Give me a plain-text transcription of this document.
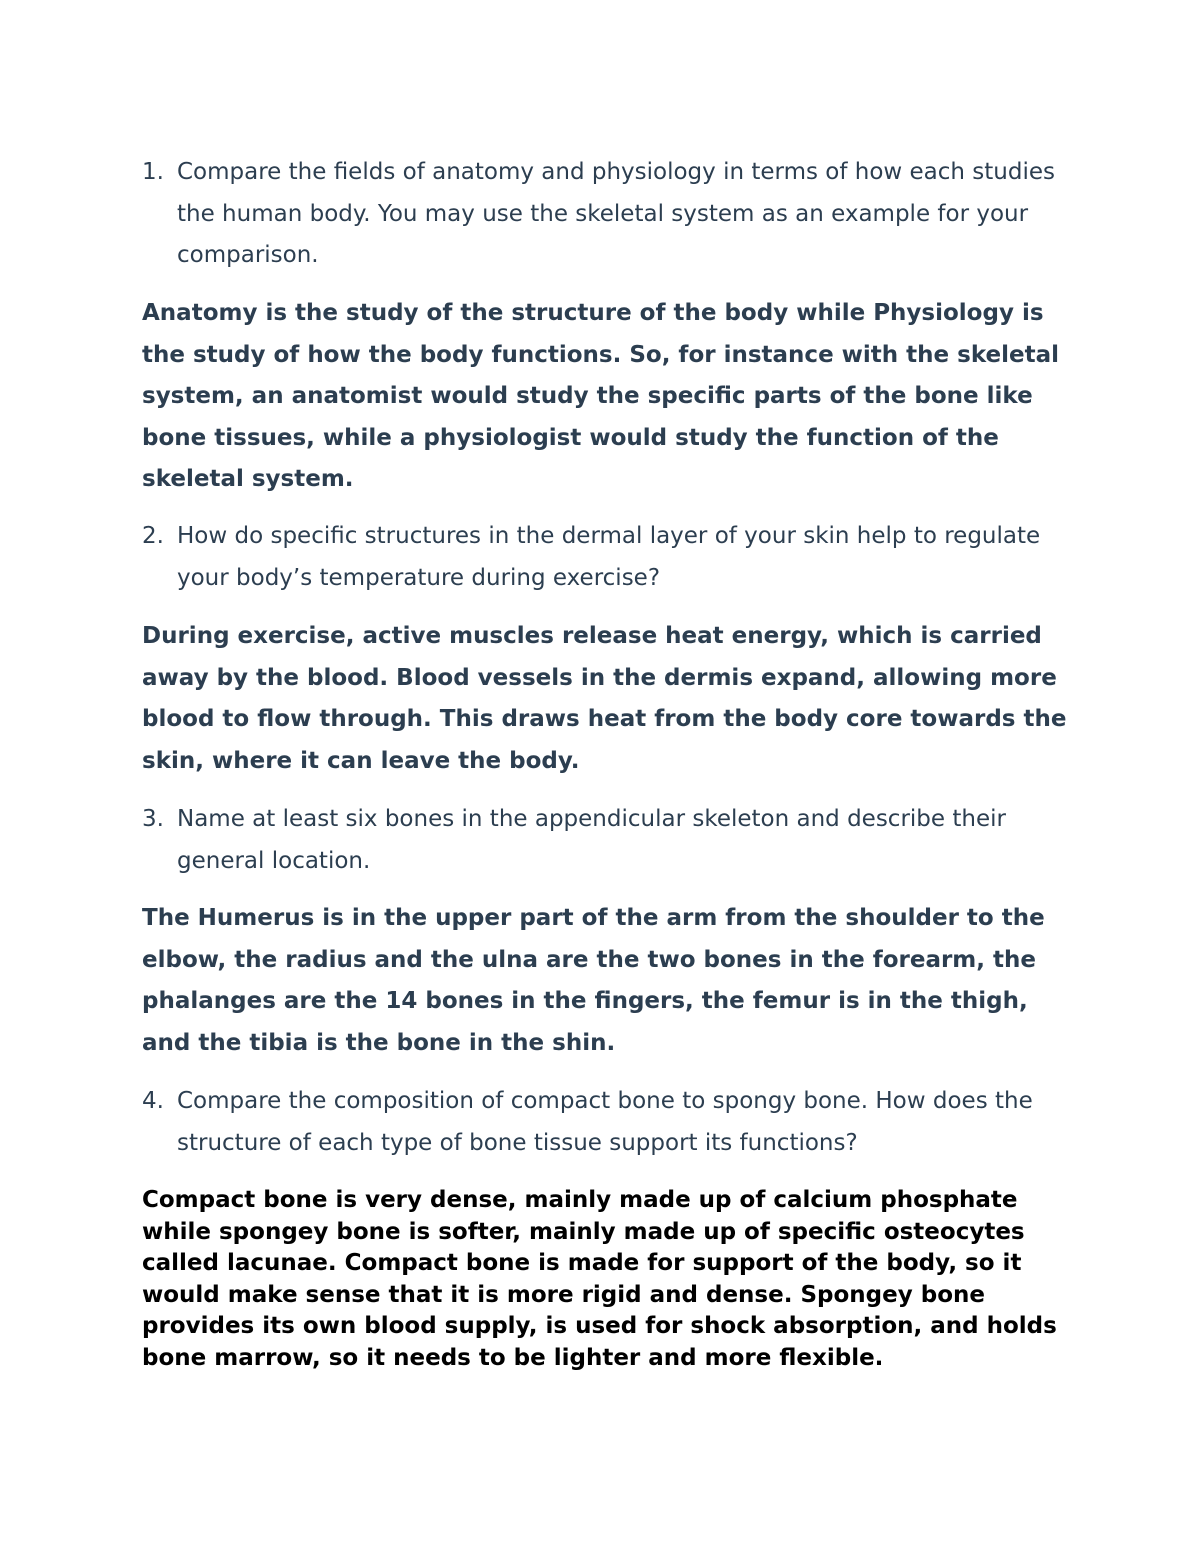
1. Compare the fields of anatomy and physiology in terms of how each studies the human body. You may use the skeletal system as an example for your comparison.

Anatomy is the study of the structure of the body while Physiology is the study of how the body functions. So, for instance with the skeletal system, an anatomist would study the specific parts of the bone like bone tissues, while a physiologist would study the function of the skeletal system.

2. How do specific structures in the dermal layer of your skin help to regulate your body’s temperature during exercise?

During exercise, active muscles release heat energy, which is carried away by the blood. Blood vessels in the dermis expand, allowing more blood to flow through. This draws heat from the body core towards the skin, where it can leave the body.

3. Name at least six bones in the appendicular skeleton and describe their general location.

The Humerus is in the upper part of the arm from the shoulder to the elbow, the radius and the ulna are the two bones in the forearm, the phalanges are the 14 bones in the fingers, the femur is in the thigh, and the tibia is the bone in the shin.

4. Compare the composition of compact bone to spongy bone. How does the structure of each type of bone tissue support its functions?

Compact bone is very dense, mainly made up of calcium phosphate while spongey bone is softer, mainly made up of specific osteocytes called lacunae. Compact bone is made for support of the body, so it would make sense that it is more rigid and dense. Spongey bone provides its own blood supply, is used for shock absorption, and holds bone marrow, so it needs to be lighter and more flexible.
